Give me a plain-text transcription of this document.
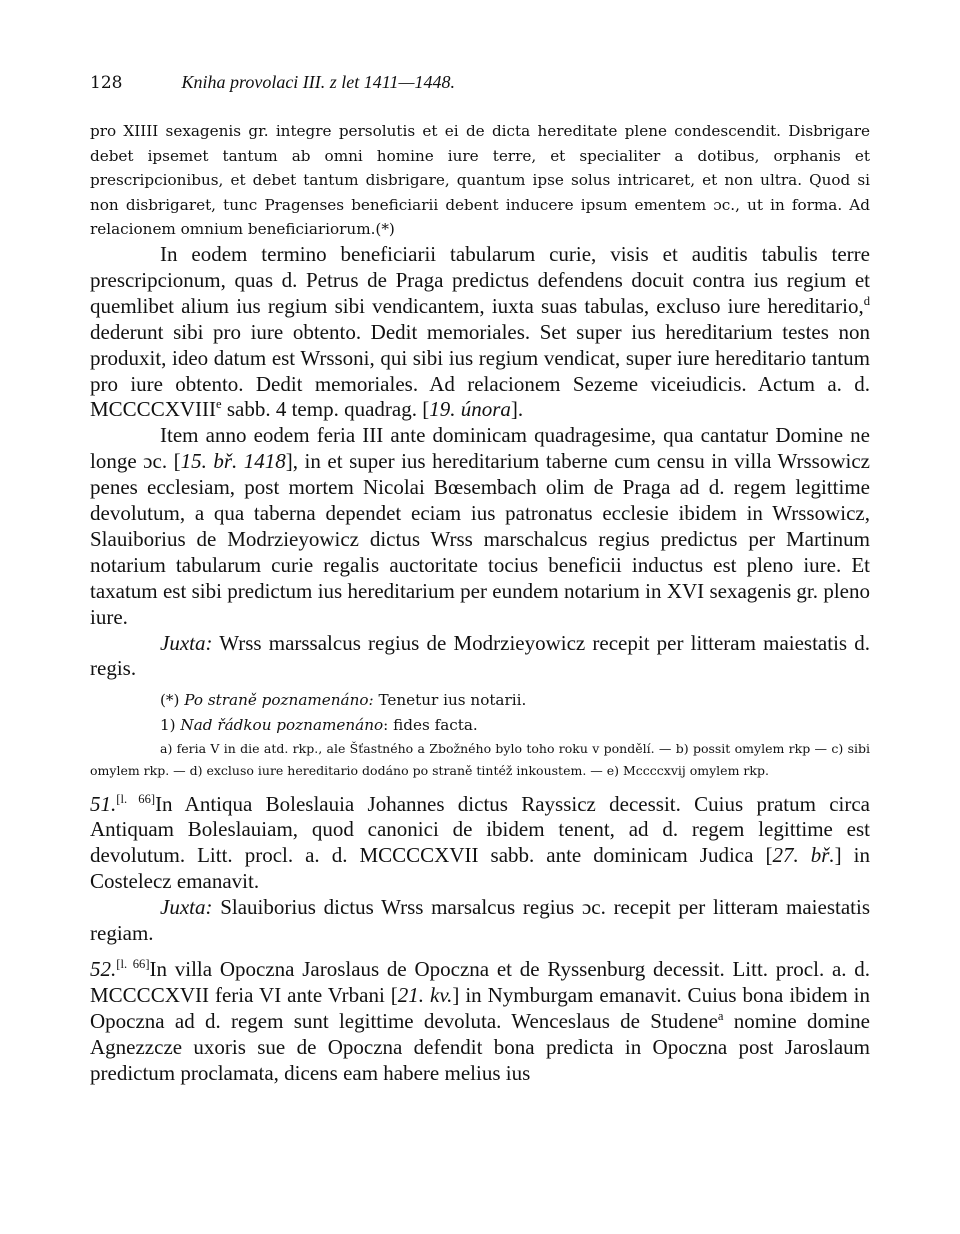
128	Kniha provolaci III. z let 1411—1448.

pro XIIII sexagenis gr. integre persolutis et ei de dicta hereditate plene condescendit. Disbrigare debet ipsemet tantum ab omni homine iure terre, et specialiter a dotibus, orphanis et prescripcionibus, et debet tantum disbrigare, quantum ipse solus intricaret, et non ultra. Quod si non disbrigaret, tunc Pragenses beneficiarii debent inducere ipsum ementem ɔc., ut in forma. Ad relacionem omnium beneficiariorum.(*)

In eodem termino beneficiarii tabularum curie, visis et auditis tabulis terre prescripcionum, quas d. Petrus de Praga predictus defendens docuit contra ius regium et quemlibet alium ius regium sibi vendicantem, iuxta suas tabulas, excluso iure hereditario,$^d$ dederunt sibi pro iure obtento. Dedit memoriales. Set super ius hereditarium testes non produxit, ideo datum est Wrssoni, qui sibi ius regium vendicat, super iure hereditario tantum pro iure obtento. Dedit memoriales. Ad relacionem Sezeme viceiudicis. Actum a. d. MCCCCXVIIIe sabb. 4 temp. quadrag. [19. února].

Item anno eodem feria III ante dominicam quadragesime, qua cantatur Domine ne longe ɔc. [15. bř. 1418], in et super ius hereditarium taberne cum censu in villa Wrssowicz penes ecclesiam, post mortem Nicolai Bœsembach olim de Praga ad d. regem legittime devolutum, a qua taberna dependet eciam ius patronatus ecclesie ibidem in Wrssowicz, Slauiborius de Modrzieyowicz dictus Wrss marschalcus regius predictus per Martinum notarium tabularum curie regalis auctoritate tocius beneficii inductus est pleno iure. Et taxatum est sibi predictum ius hereditarium per eundem notarium in XVI sexagenis gr. pleno iure.

Juxta: Wrss marssalcus regius de Modrzieyowicz recepit per litteram maiestatis d. regis.

(*) Po straně poznamenáno: Tenetur ius notarii.

1) Nad řádkou poznamenáno: fides facta.

a) feria V in die atd. rkp., ale Šťastného a Zbožného bylo toho roku v pondělí. — b) possit omylem rkp — c) sibi omylem rkp. — d) excluso iure hereditario dodáno po straně tintéž inkoustem. — e) Mccccxvij omylem rkp.

51.[l. 66]In Antiqua Boleslauia Johannes dictus Rayssicz decessit. Cuius pratum circa Antiquam Boleslauiam, quod canonici de ibidem tenent, ad d. regem legittime est devolutum. Litt. procl. a. d. MCCCCXVII sabb. ante dominicam Judica [27. bř.] in Costelecz emanavit.

Juxta: Slauiborius dictus Wrss marsalcus regius ɔc. recepit per litteram maiestatis regiam.

52.[l. 66]In villa Opoczna Jaroslaus de Opoczna et de Ryssenburg decessit. Litt. procl. a. d. MCCCCXVII feria VI ante Vrbani [21. kv.] in Nymburgam emanavit. Cuius bona ibidem in Opoczna ad d. regem sunt legittime devoluta. Wenceslaus de Studene$^a$ nomine domine Agnezzcze uxoris sue de Opoczna defendit bona predicta in Opoczna post Jaroslaum predictum proclamata, dicens eam habere melius ius
